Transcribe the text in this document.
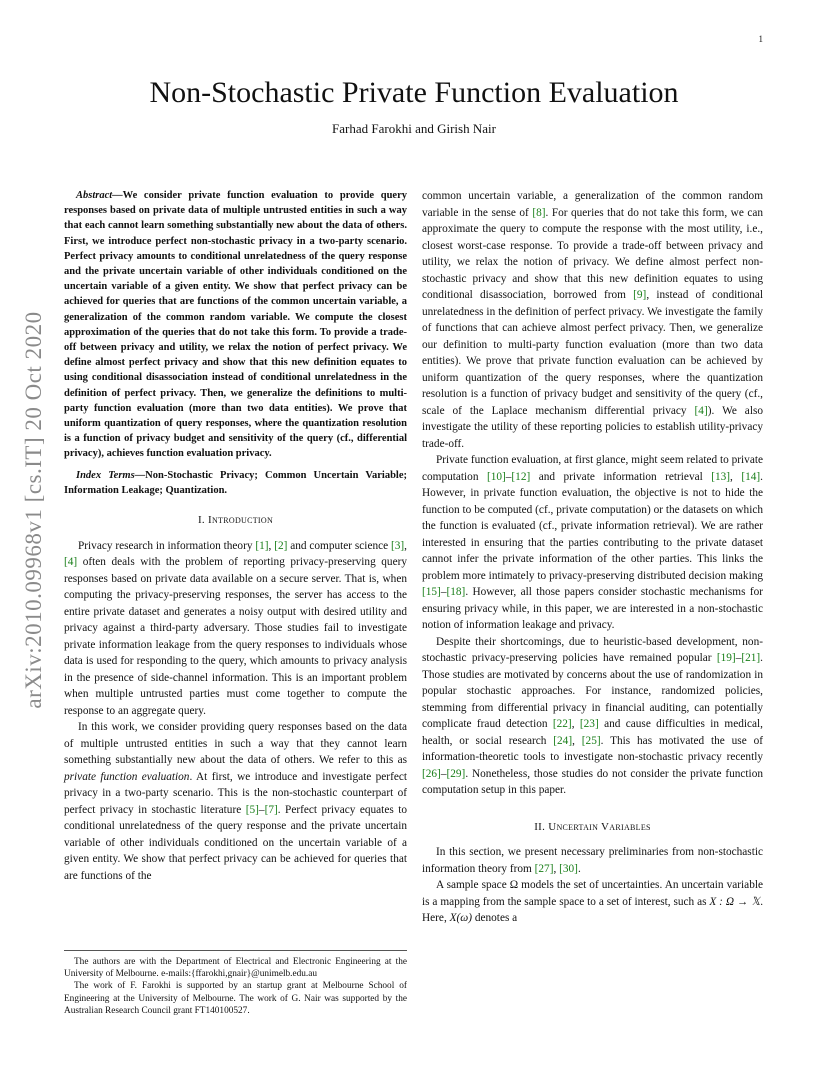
1
arXiv:2010.09968v1 [cs.IT] 20 Oct 2020
Non-Stochastic Private Function Evaluation
Farhad Farokhi and Girish Nair

Abstract—We consider private function evaluation to provide query responses based on private data of multiple untrusted entities in such a way that each cannot learn something substantially new about the data of others. First, we introduce perfect non-stochastic privacy in a two-party scenario. Perfect privacy amounts to conditional unrelatedness of the query response and the private uncertain variable of other individuals conditioned on the uncertain variable of a given entity. We show that perfect privacy can be achieved for queries that are functions of the common uncertain variable, a generalization of the common random variable. We compute the closest approximation of the queries that do not take this form. To provide a trade-off between privacy and utility, we relax the notion of perfect privacy. We define almost perfect privacy and show that this new definition equates to using conditional disassociation instead of conditional unrelatedness in the definition of perfect privacy. Then, we generalize the definitions to multi-party function evaluation (more than two data entities). We prove that uniform quantization of query responses, where the quantization resolution is a function of privacy budget and sensitivity of the query (cf., differential privacy), achieves function evaluation privacy.

Index Terms—Non-Stochastic Privacy; Common Uncertain Variable; Information Leakage; Quantization.

I. Introduction

Privacy research in information theory [1], [2] and computer science [3], [4] often deals with the problem of reporting privacy-preserving query responses based on private data available on a secure server. That is, when computing the privacy-preserving responses, the server has access to the entire private dataset and generates a noisy output with desired utility and privacy against a third-party adversary. Those studies fail to investigate private information leakage from the query responses to individuals whose data is used for responding to the query, which amounts to privacy analysis in the presence of side-channel information. This is an important problem when multiple untrusted parties must come together to compute the response to an aggregate query.

In this work, we consider providing query responses based on the data of multiple untrusted entities in such a way that they cannot learn something substantially new about the data of others. We refer to this as private function evaluation. At first, we introduce and investigate perfect privacy in a two-party scenario. This is the non-stochastic counterpart of perfect privacy in stochastic literature [5]–[7]. Perfect privacy equates to conditional unrelatedness of the query response and the private uncertain variable of other individuals conditioned on the uncertain variable of a given entity. We show that perfect privacy can be achieved for queries that are functions of the

The authors are with the Department of Electrical and Electronic Engineering at the University of Melbourne. e-mails:{ffarokhi,gnair}@unimelb.edu.au

The work of F. Farokhi is supported by an startup grant at Melbourne School of Engineering at the University of Melbourne. The work of G. Nair was supported by the Australian Research Council grant FT140100527.

common uncertain variable, a generalization of the common random variable in the sense of [8]. For queries that do not take this form, we can approximate the query to compute the response with the most utility, i.e., closest worst-case response. To provide a trade-off between privacy and utility, we relax the notion of privacy. We define almost perfect non-stochastic privacy and show that this new definition equates to using conditional disassociation, borrowed from [9], instead of conditional unrelatedness in the definition of perfect privacy. We investigate the family of functions that can achieve almost perfect privacy. Then, we generalize our definition to multi-party function evaluation (more than two data entities). We prove that private function evaluation can be achieved by uniform quantization of the query responses, where the quantization resolution is a function of privacy budget and sensitivity of the query (cf., scale of the Laplace mechanism differential privacy [4]). We also investigate the utility of these reporting policies to establish utility-privacy trade-off.

Private function evaluation, at first glance, might seem related to private computation [10]–[12] and private information retrieval [13], [14]. However, in private function evaluation, the objective is not to hide the function to be computed (cf., private computation) or the datasets on which the function is evaluated (cf., private information retrieval). We are rather interested in ensuring that the parties contributing to the private dataset cannot infer the private information of the other parties. This links the problem more intimately to privacy-preserving distributed decision making [15]–[18]. However, all those papers consider stochastic mechanisms for ensuring privacy while, in this paper, we are interested in a non-stochastic notion of information leakage and privacy.

Despite their shortcomings, due to heuristic-based development, non-stochastic privacy-preserving policies have remained popular [19]–[21]. Those studies are motivated by concerns about the use of randomization in popular stochastic approaches. For instance, randomized policies, stemming from differential privacy in financial auditing, can potentially complicate fraud detection [22], [23] and cause difficulties in medical, health, or social research [24], [25]. This has motivated the use of information-theoretic tools to investigate non-stochastic privacy recently [26]–[29]. Nonetheless, those studies do not consider the private function computation setup in this paper.

II. Uncertain Variables

In this section, we present necessary preliminaries from non-stochastic information theory from [27], [30].

A sample space Ω models the set of uncertainties. An uncertain variable is a mapping from the sample space to a set of interest, such as X : Ω → 𝕏. Here, X(ω) denotes a
